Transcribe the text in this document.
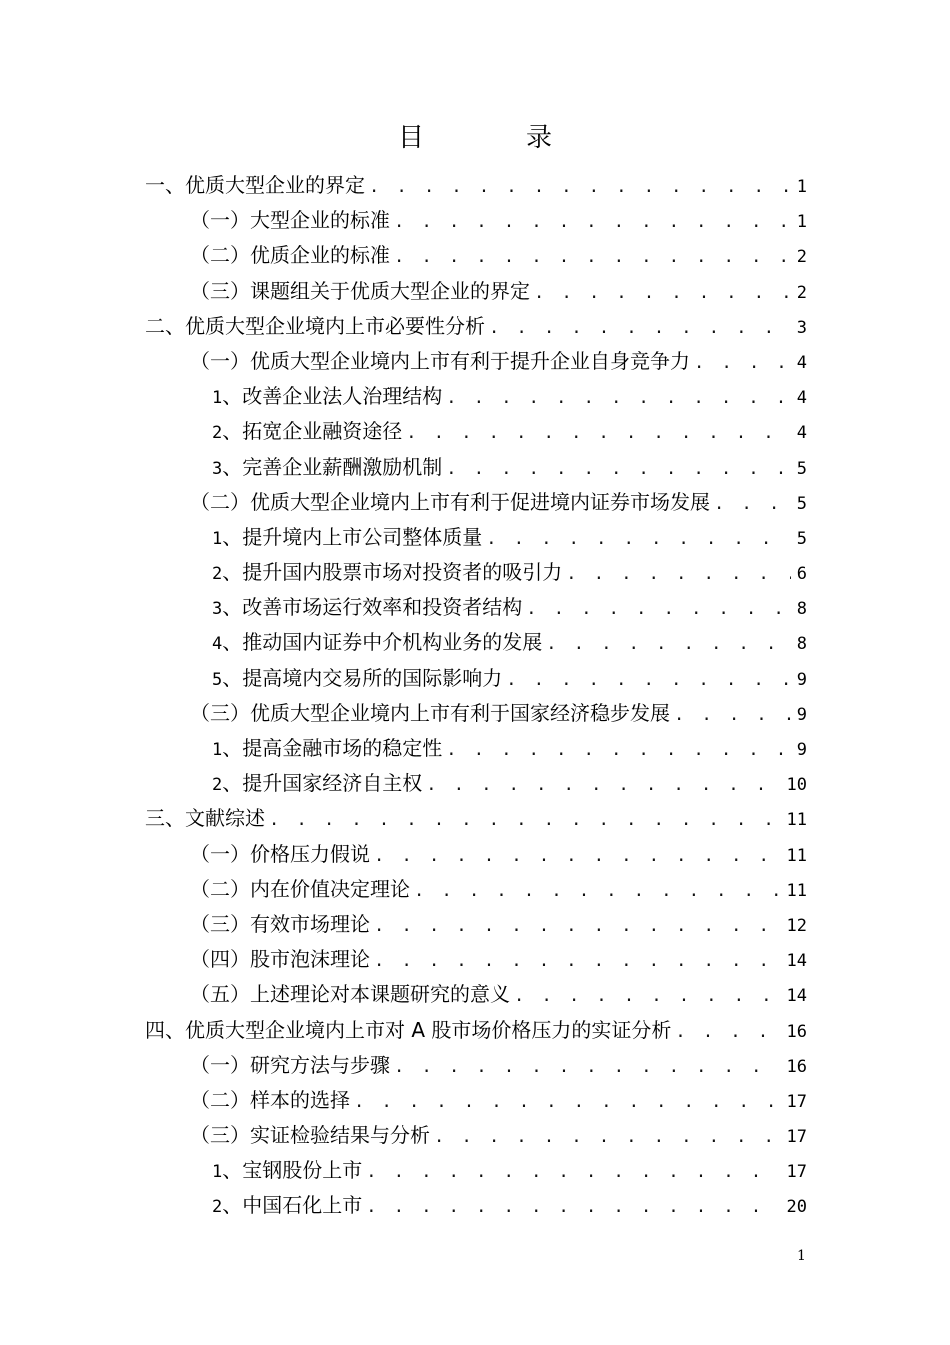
目　录
一、优质大型企业的界定 . . .	1
（一）大型企业的标准 . . .	1
（二）优质企业的标准 . . .	2
（三）课题组关于优质大型企业的界定 . . .	2
二、优质大型企业境内上市必要性分析 . . .	3
（一）优质大型企业境内上市有利于提升企业自身竞争力 . . .	4
1 、改善企业法人治理结构 . . .	4
2 、拓宽企业融资途径 . . .	4
3 、完善企业薪酬激励机制 . . .	5
（二）优质大型企业境内上市有利于促进境内证券市场发展 . . .	5
1 、提升境内上市公司整体质量 . . .	5
2 、提升国内股票市场对投资者的吸引力 . . .	6
3 、改善市场运行效率和投资者结构 . . .	8
4 、推动国内证券中介机构业务的发展 . . .	8
5 、提高境内交易所的国际影响力 . . .	9
（三）优质大型企业境内上市有利于国家经济稳步发展 . . .	9
1 、提高金融市场的稳定性 . . .	9
2 、提升国家经济自主权 . . .	10
三、文献综述 . . .	11
（一）价格压力假说 . . .	11
（二）内在价值决定理论 . . .	11
（三）有效市场理论 . . .	12
（四）股市泡沫理论 . . .	14
（五）上述理论对本课题研究的意义 . . .	14
四、优质大型企业境内上市对 A 股市场价格压力的实证分析 . . .	16
（一）研究方法与步骤 . . .	16
（二）样本的选择 . . .	17
（三）实证检验结果与分析 . . .	17
1 、宝钢股份上市 . . .	17
2 、中国石化上市 . . .	20
1
